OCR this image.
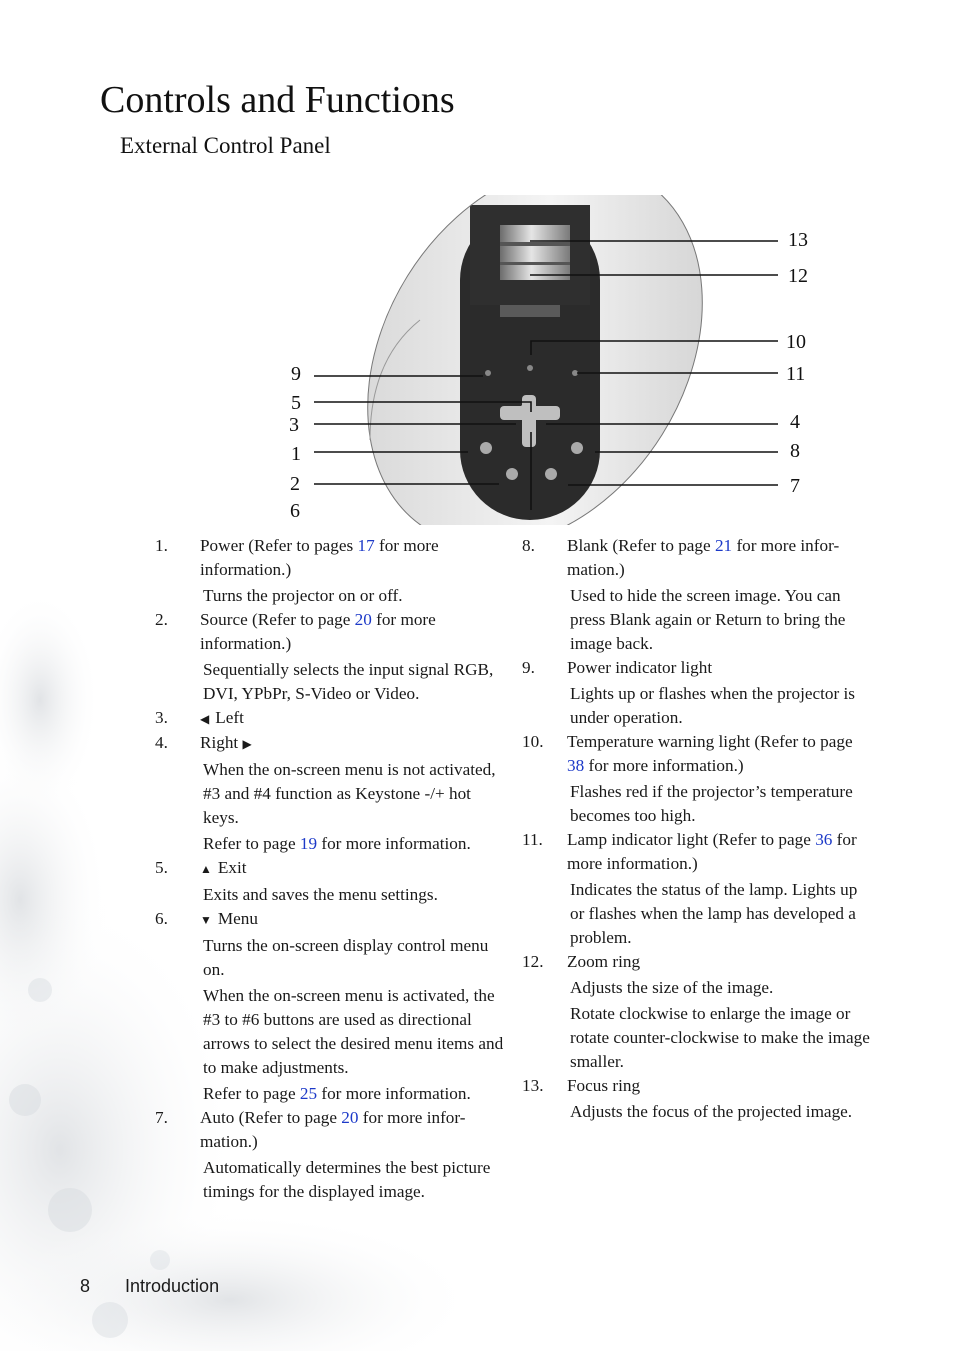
Controls and Functions
External Control Panel
13
12
10
11
9
5
3	4
1	8
2	7
6
1. Power (Refer to pages 17 for more information.)
Turns the projector on or off.
2. Source (Refer to page 20 for more information.)
Sequentially selects the input signal RGB, DVI, YPbPr, S-Video or Video.
3.	◀ Left
4. Right ▶
When the on-screen menu is not activated, #3 and #4 function as Keystone -/+ hot keys.
Refer to page 19 for more information.
5.	▲ Exit
Exits and saves the menu settings.
6.	▼ Menu
Turns the on-screen display control menu on.
When the on-screen menu is activated, the #3 to #6 buttons are used as directional arrows to select the desired menu items and to make adjustments.
Refer to page 25 for more information.
7. Auto (Refer to page 20 for more infor-mation.)
Automatically determines the best picture timings for the displayed image.
8. Blank (Refer to page 21 for more infor-mation.)
Used to hide the screen image. You can press Blank again or Return to bring the image back.
9. Power indicator light
Lights up or flashes when the projector is under operation.
10. Temperature warning light (Refer to page 38 for more information.)
Flashes red if the projector’s temperature becomes too high.
11. Lamp indicator light (Refer to page 36 for more information.)
Indicates the status of the lamp. Lights up or flashes when the lamp has developed a problem.
12. Zoom ring
Adjusts the size of the image.
Rotate clockwise to enlarge the image or rotate counter-clockwise to make the image smaller.
13. Focus ring
Adjusts the focus of the projected image.
8 Introduction
